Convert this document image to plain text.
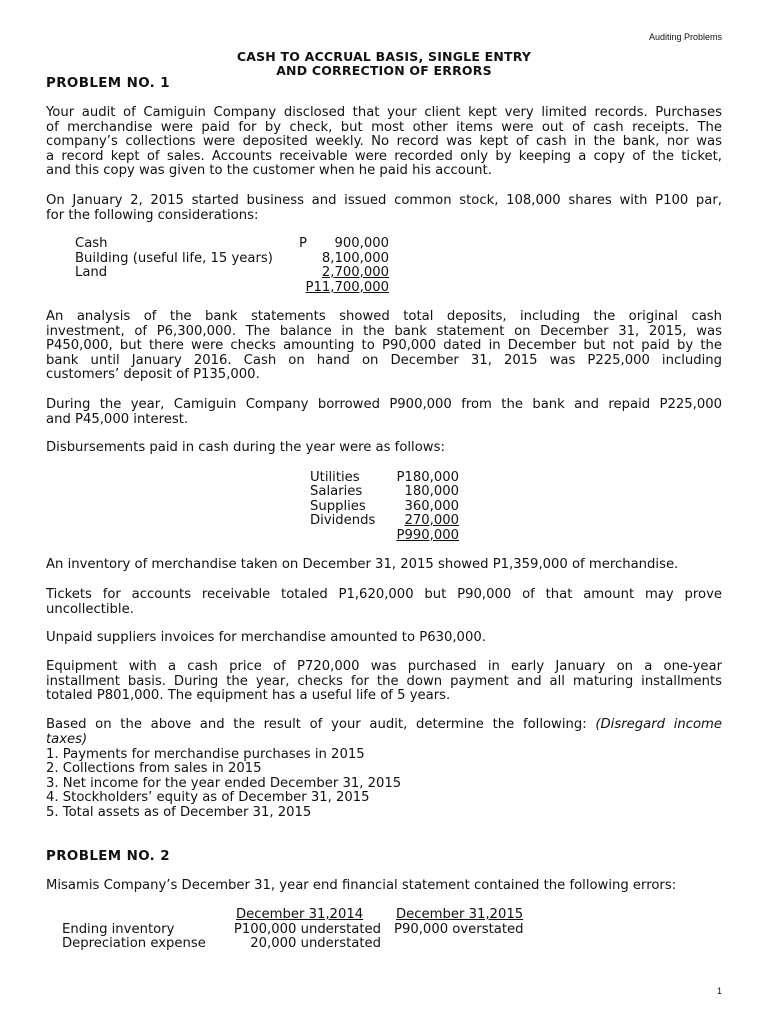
Auditing Problems
CASH TO ACCRUAL BASIS, SINGLE ENTRY
AND CORRECTION OF ERRORS
PROBLEM NO. 1
Your audit of Camiguin Company disclosed that your client kept very limited records. Purchases
of merchandise were paid for by check, but most other items were out of cash receipts. The
company’s collections were deposited weekly. No record was kept of cash in the bank, nor was
a record kept of sales. Accounts receivable were recorded only by keeping a copy of the ticket,
and this copy was given to the customer when he paid his account.
On January 2, 2015 started business and issued common stock, 108,000 shares with P100 par,
for the following considerations:
Cash	P	900,000
Building (useful life, 15 years)	8,100,000
Land	2,700,000
P11,700,000
An analysis of the bank statements showed total deposits, including the original cash
investment, of P6,300,000. The balance in the bank statement on December 31, 2015, was
P450,000, but there were checks amounting to P90,000 dated in December but not paid by the
bank until January 2016. Cash on hand on December 31, 2015 was P225,000 including
customers’ deposit of P135,000.
During the year, Camiguin Company borrowed P900,000 from the bank and repaid P225,000
and P45,000 interest.
Disbursements paid in cash during the year were as follows:
Utilities	P180,000
Salaries	180,000
Supplies	360,000
Dividends	270,000
P990,000
An inventory of merchandise taken on December 31, 2015 showed P1,359,000 of merchandise.
Tickets for accounts receivable totaled P1,620,000 but P90,000 of that amount may prove
uncollectible.
Unpaid suppliers invoices for merchandise amounted to P630,000.
Equipment with a cash price of P720,000 was purchased in early January on a one-year
installment basis. During the year, checks for the down payment and all maturing installments
totaled P801,000. The equipment has a useful life of 5 years.
Based on the above and the result of your audit, determine the following: (Disregard income
taxes)
1. Payments for merchandise purchases in 2015
2. Collections from sales in 2015
3. Net income for the year ended December 31, 2015
4. Stockholders’ equity as of December 31, 2015
5. Total assets as of December 31, 2015
PROBLEM NO. 2
Misamis Company’s December 31, year end financial statement contained the following errors:
December 31,2014 December 31,2015
Ending inventory	P100,000 understated P90,000 overstated
Depreciation expense	20,000 understated
1
